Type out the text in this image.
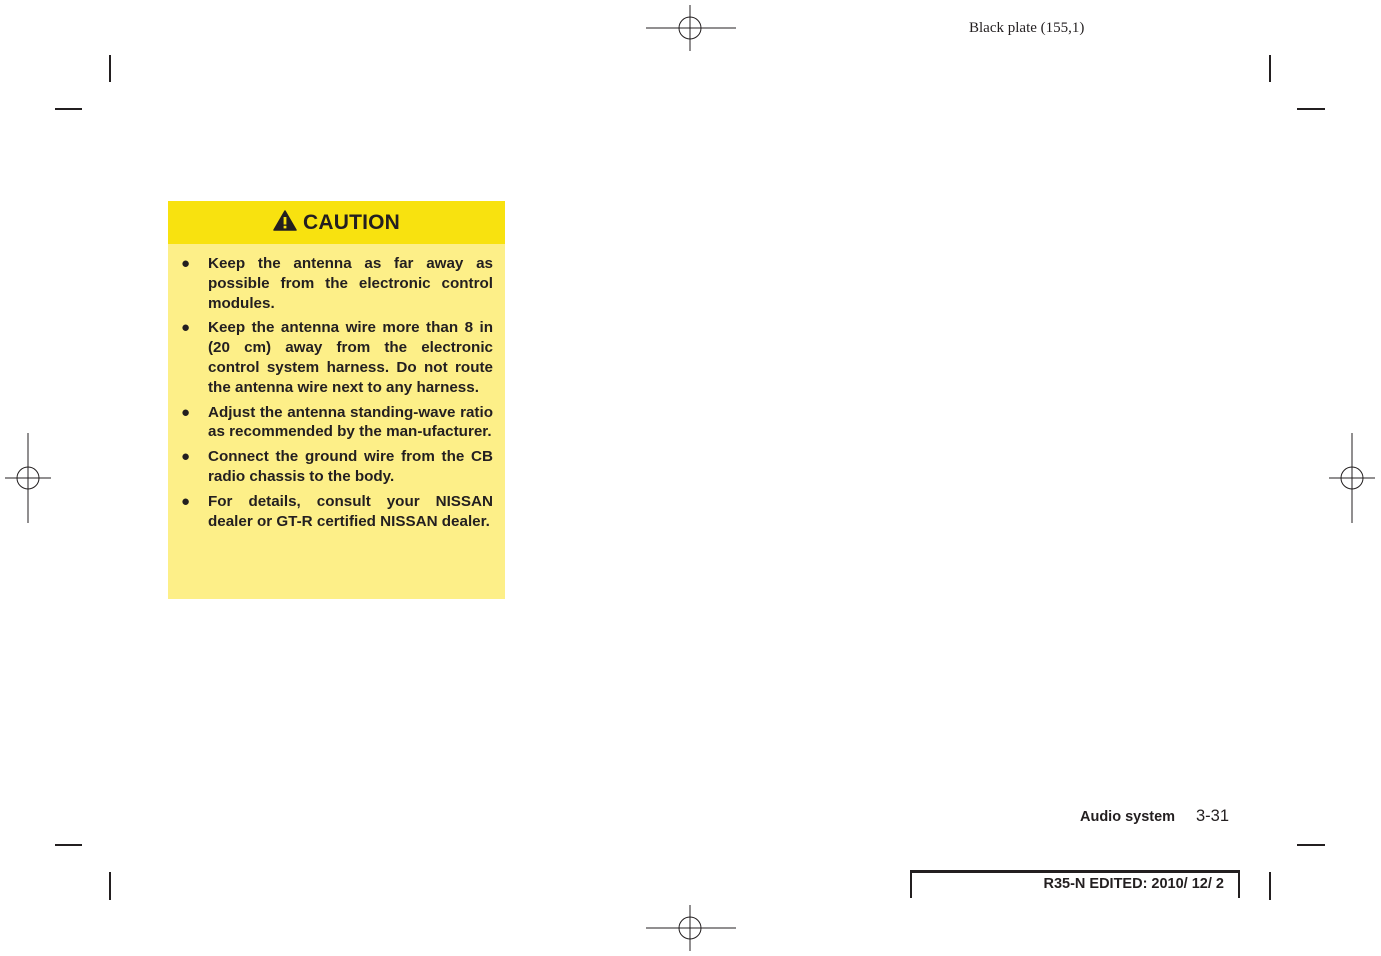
Black plate (155,1)
CAUTION
● Keep the antenna as far away as possible from the electronic control modules.
● Keep the antenna wire more than 8 in (20 cm) away from the electronic control system harness. Do not route the antenna wire next to any harness.
● Adjust the antenna standing-wave ratio as recommended by the man-ufacturer.
● Connect the ground wire from the CB radio chassis to the body.
● For details, consult your NISSAN dealer or GT-R certified NISSAN dealer.
Audio system 3-31
R35-N EDITED: 2010/ 12/ 2
